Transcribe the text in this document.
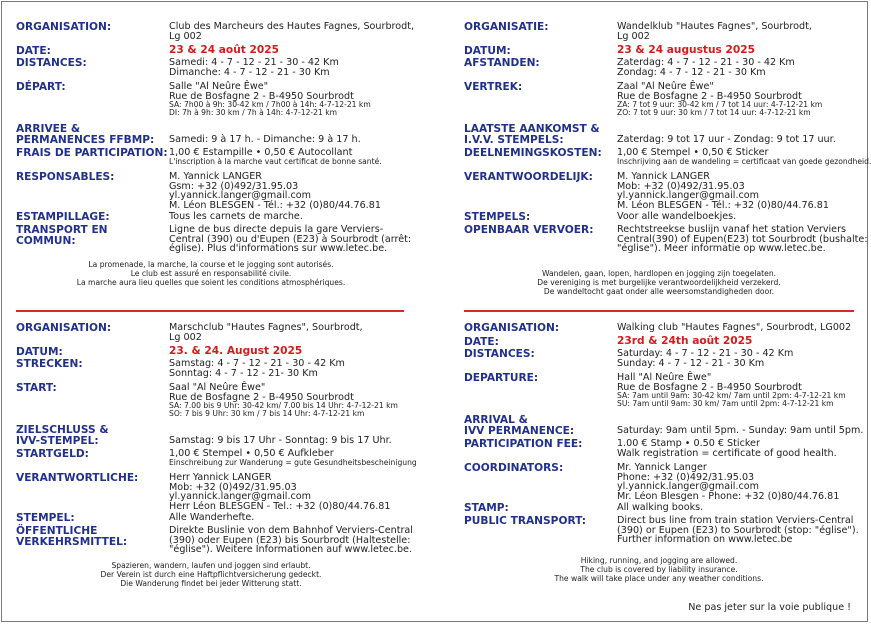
ORGANISATION:	Club des Marcheurs des Hautes Fagnes, Sourbrodt,
Lg 002
DATE:	23 & 24 août 2025
DISTANCES:	Samedi: 4 - 7 - 12 - 21 - 30 - 42 Km
Dimanche: 4 - 7 - 12 - 21 - 30 Km
DÉPART:	Salle "Al Neûre Êwe"
Rue de Bosfagne 2 - B-4950 Sourbrodt
SA: 7h00 à 9h: 30-42 km / 7h00 à 14h: 4-7-12-21 km
DI: 7h à 9h: 30 km / 7h à 14h: 4-7-12-21 km
ARRIVEE &
PERMANENCES FFBMP:	Samedi: 9 à 17 h. - Dimanche: 9 à 17 h.
FRAIS DE PARTICIPATION: 1,00 € Estampille • 0,50 € Autocollant
L'inscription à la marche vaut certificat de bonne santé.
RESPONSABLES:	M. Yannick LANGER
Gsm: +32 (0)492/31.95.03
yl.yannick.langer@gmail.com
M. Léon BLESGEN - Tél.: +32 (0)80/44.76.81
ESTAMPILLAGE:	Tous les carnets de marche.
TRANSPORT EN COMMUN:
Ligne de bus directe depuis la gare Verviers-
Central (390) ou d'Eupen (E23) à Sourbrodt (arrêt:
église). Plus d'informations sur www.letec.be.
La promenade, la marche, la course et le jogging sont autorisés.
Le club est assuré en responsabilité civile.
La marche aura lieu quelles que soient les conditions atmosphériques.
ORGANISATIE:	Wandelklub "Hautes Fagnes", Sourbrodt,
Lg 002
DATUM:	23 & 24 augustus 2025
AFSTANDEN:	Zaterdag: 4 - 7 - 12 - 21 - 30 - 42 Km
Zondag: 4 - 7 - 12 - 21 - 30 Km
VERTREK:	Zaal "Al Neûre Êwe"
Rue de Bosfagne 2 - B-4950 Sourbrodt
ZA: 7 tot 9 uur: 30-42 km / 7 tot 14 uur: 4-7-12-21 km
ZO: 7 tot 9 uur: 30 km / 7 tot 14 uur: 4-7-12-21 km
LAATSTE AANKOMST &
I.V.V. STEMPELS:	Zaterdag: 9 tot 17 uur - Zondag: 9 tot 17 uur.
DEELNEMINGSKOSTEN:	1,00 € Stempel • 0,50 € Sticker
Inschrijving aan de wandeling = certificaat van goede gezondheid.
VERANTWOORDELIJK:	M. Yannick LANGER
Mob: +32 (0)492/31.95.03
yl.yannick.langer@gmail.com
M. Léon BLESGEN - Tél.: +32 (0)80/44.76.81
STEMPELS:	Voor alle wandelboekjes.
OPENBAAR VERVOER:	Rechtstreekse buslijn vanaf het station Verviers
Central(390) of Eupen(E23) tot Sourbrodt (bushalte:
"église"). Meer informatie op www.letec.be.
Wandelen, gaan, lopen, hardlopen en jogging zijn toegelaten.
De vereniging is met burgelijke verantwoordelijkheid verzekerd.
De wandeltocht gaat onder alle weersomstandigheden door.
ORGANISATION:	Marschclub "Hautes Fagnes", Sourbrodt,
Lg 002
DATUM:	23. & 24. August 2025
STRECKEN:	Samstag: 4 - 7 - 12 - 21 - 30 - 42 Km
Sonntag: 4 - 7 - 12 - 21- 30 Km
START:	Saal "Al Neûre Êwe"
Rue de Bosfagne 2 - B-4950 Sourbrodt
SA: 7.00 bis 9 Uhr: 30-42 km/ 7.00 bis 14 Uhr: 4-7-12-21 km
SO: 7 bis 9 Uhr: 30 km / 7 bis 14 Uhr: 4-7-12-21 km
ZIELSCHLUSS &
IVV-STEMPEL:	Samstag: 9 bis 17 Uhr - Sonntag: 9 bis 17 Uhr.
STARTGELD:	1,00 € Stempel • 0,50 € Aufkleber
Einschreibung zur Wanderung = gute Gesundheitsbescheinigung
VERANTWORTLICHE:	Herr Yannick LANGER
Mob: +32 (0)492/31.95.03
yl.yannick.langer@gmail.com
Herr Léon BLESGEN - Tel.: +32 (0)80/44.76.81
STEMPEL:	Alle Wanderhefte.
ÖFFENTLICHE VERKEHRSMITTEL:
Direkte Buslinie von dem Bahnhof Verviers-Central
(390) oder Eupen (E23) bis Sourbrodt (Haltestelle:
"église"). Weitere Informationen auf www.letec.be.
Spazieren, wandern, laufen und joggen sind erlaubt.
Der Verein ist durch eine Haftpflichtversicherung gedeckt.
Die Wanderung findet bei jeder Witterung statt.
ORGANISATION:	Walking club "Hautes Fagnes", Sourbrodt, LG002
DATE:	23rd & 24th août 2025
DISTANCES:	Saturday: 4 - 7 - 12 - 21 - 30 - 42 Km
Sunday: 4 - 7 - 12 - 21 - 30 Km
DEPARTURE:	Hall "Al Neûre Êwe"
Rue de Bosfagne 2 - B-4950 Sourbrodt
SA: 7am until 9am: 30-42 km/ 7am until 2pm: 4-7-12-21 km
SU: 7am until 9am: 30 km/ 7am until 2pm: 4-7-12-21 km
ARRIVAL &
IVV PERMANENCE:	Saturday: 9am until 5pm. - Sunday: 9am until 5pm.
PARTICIPATION FEE:	1.00 € Stamp • 0.50 € Sticker
Walk registration = certificate of good health.
COORDINATORS:	Mr. Yannick Langer
Phone: +32 (0)492/31.95.03
yl.yannick.langer@gmail.com
Mr. Léon Blesgen - Phone: +32 (0)80/44.76.81
STAMP:	All walking books.
PUBLIC TRANSPORT:	Direct bus line from train station Verviers-Central
(390) or Eupen (E23) to Sourbrodt (stop: "église").
Further information on www.letec.be
Hiking, running, and jogging are allowed.
The club is covered by liability insurance.
The walk will take place under any weather conditions.
Ne pas jeter sur la voie publique !
